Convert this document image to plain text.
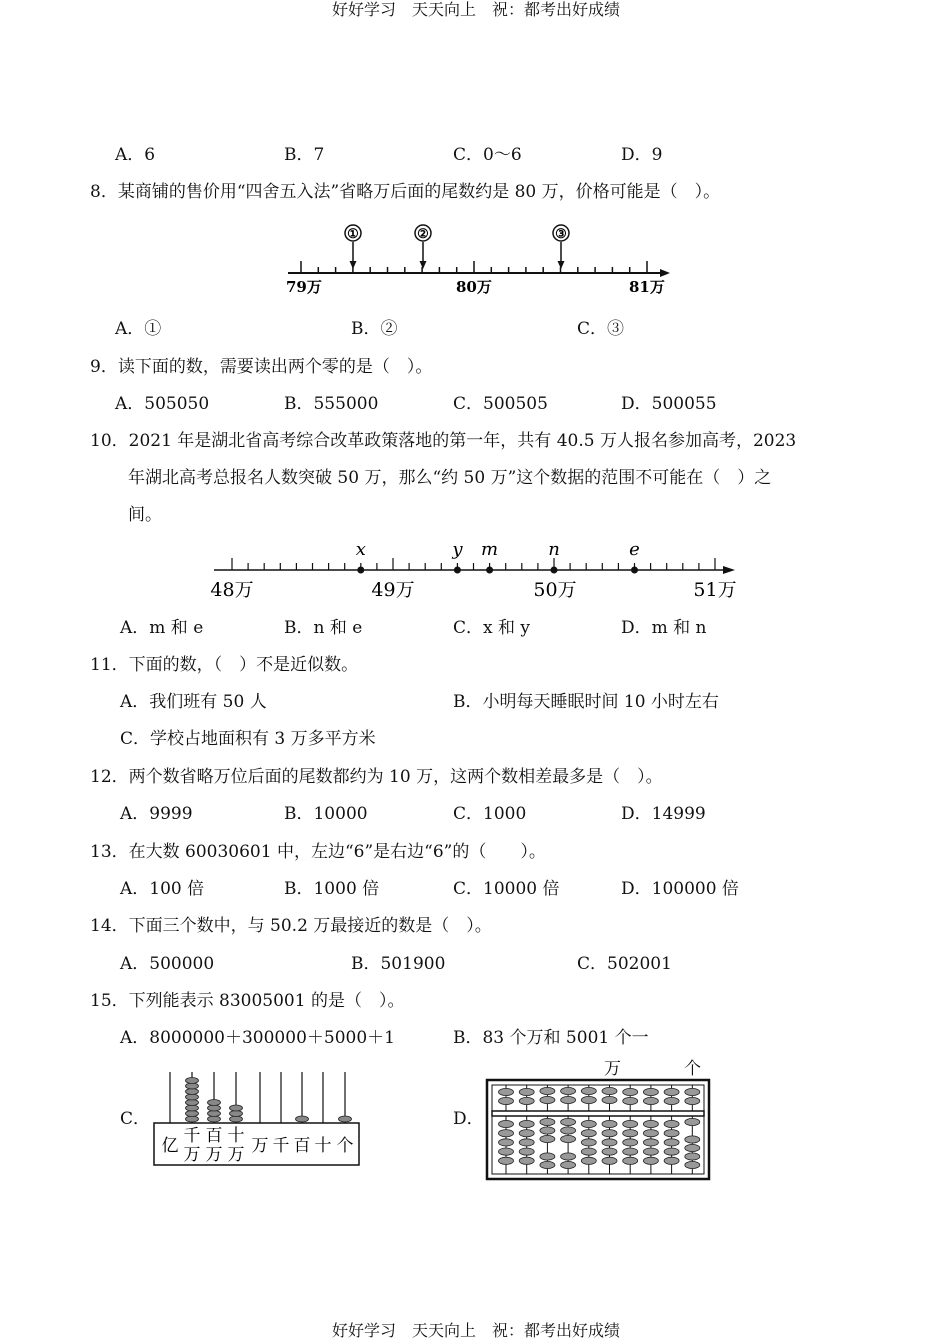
好好学习　天天向上　祝：都考出好成绩
好好学习　天天向上　祝：都考出好成绩
A．6	B．7	C．0～6	D．9
8．某商铺的售价用“四舍五入法”省略万后面的尾数约是 80 万，价格可能是（　）。
①	②	③
79万	80万	81万
A．①	B．②	C．③
9．读下面的数，需要读出两个零的是（　）。
A．505050	B．555000	C．500505	D．500055
10．2021 年是湖北省高考综合改革政策落地的第一年，共有 40.5 万人报名参加高考，2023
年湖北高考总报名人数突破 50 万，那么“约 50 万”这个数据的范围不可能在（　）之
间。
x	y m	n	e
48万	49万	50万	51万
A．m 和 e	B．n 和 e	C．x 和 y	D．m 和 n
11．下面的数，（　）不是近似数。
A．我们班有 50 人	B．小明每天睡眠时间 10 小时左右
C．学校占地面积有 3 万多平方米
12．两个数省略万位后面的尾数都约为 10 万，这两个数相差最多是（　）。
A．9999	B．10000	C．1000	D．14999
13．在大数 60030601 中，左边“6”是右边“6”的（　　）。
A．100 倍	B．1000 倍	C．10000 倍	D．100000 倍
14．下面三个数中，与 50.2 万最接近的数是（　）。
A．500000	B．501900	C．502001
15．下列能表示 83005001 的是（　）。
A．8000000＋300000＋5000＋1	B．83 个万和 5001 个一
C．	D．
亿	万 千 百 十 个
千
万
百
万
十
万
万	个
